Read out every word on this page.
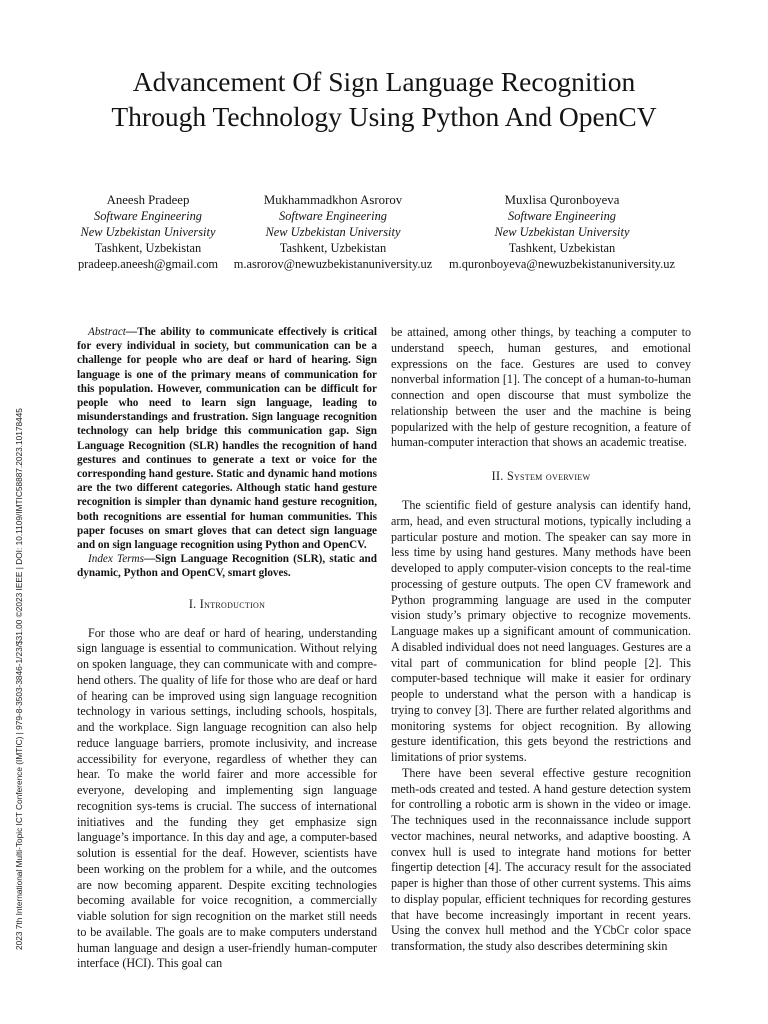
Advancement Of Sign Language Recognition
Through Technology Using Python And OpenCV
Aneesh Pradeep
Software Engineering
New Uzbekistan University
Tashkent, Uzbekistan
pradeep.aneesh@gmail.com
Mukhammadkhon Asrorov
Software Engineering
New Uzbekistan University
Tashkent, Uzbekistan
m.asrorov@newuzbekistanuniversity.uz
Muxlisa Quronboyeva
Software Engineering
New Uzbekistan University
Tashkent, Uzbekistan
m.quronboyeva@newuzbekistanuniversity.uz
2023 7th International Multi-Topic ICT Conference (IMTIC) | 979-8-3503-3846-1/23/$31.00 ©2023 IEEE | DOI: 10.1109/IMTIC58887.2023.10178445

Abstract—The ability to communicate effectively is critical for every individual in society, but communication can be a challenge for people who are deaf or hard of hearing. Sign language is one of the primary means of communication for this population. However, communication can be difficult for people who need to learn sign language, leading to misunderstandings and frustration. Sign language recognition technology can help bridge this communication gap. Sign Language Recognition (SLR) handles the recognition of hand gestures and continues to generate a text or voice for the corresponding hand gesture. Static and dynamic hand motions are the two different categories. Although static hand gesture recognition is simpler than dynamic hand gesture recognition, both recognitions are essential for human communities. This paper focuses on smart gloves that can detect sign language and on sign language recognition using Python and OpenCV.

Index Terms—Sign Language Recognition (SLR), static and dynamic, Python and OpenCV, smart gloves.

I. Introduction

For those who are deaf or hard of hearing, understanding sign language is essential to communication. Without relying on spoken language, they can communicate with and compre-hend others. The quality of life for those who are deaf or hard of hearing can be improved using sign language recognition technology in various settings, including schools, hospitals, and the workplace. Sign language recognition can also help reduce language barriers, promote inclusivity, and increase accessibility for everyone, regardless of whether they can hear. To make the world fairer and more accessible for everyone, developing and implementing sign language recognition sys-tems is crucial. The success of international initiatives and the funding they get emphasize sign language’s importance. In this day and age, a computer-based solution is essential for the deaf. However, scientists have been working on the problem for a while, and the outcomes are now becoming apparent. Despite exciting technologies becoming available for voice recognition, a commercially viable solution for sign recognition on the market still needs to be available. The goals are to make computers understand human language and design a user-friendly human-computer interface (HCI). This goal can

be attained, among other things, by teaching a computer to understand speech, human gestures, and emotional expressions on the face. Gestures are used to convey nonverbal information [1]. The concept of a human-to-human connection and open discourse that must symbolize the relationship between the user and the machine is being popularized with the help of gesture recognition, a feature of human-computer interaction that shows an academic treatise.

II. System overview

The scientific field of gesture analysis can identify hand, arm, head, and even structural motions, typically including a particular posture and motion. The speaker can say more in less time by using hand gestures. Many methods have been developed to apply computer-vision concepts to the real-time processing of gesture outputs. The open CV framework and Python programming language are used in the computer vision study’s primary objective to recognize movements. Language makes up a significant amount of communication. A disabled individual does not need languages. Gestures are a vital part of communication for blind people [2]. This computer-based technique will make it easier for ordinary people to understand what the person with a handicap is trying to convey [3]. There are further related algorithms and monitoring systems for object recognition. By allowing gesture identification, this gets beyond the restrictions and limitations of prior systems.

There have been several effective gesture recognition meth-ods created and tested. A hand gesture detection system for controlling a robotic arm is shown in the video or image. The techniques used in the reconnaissance include support vector machines, neural networks, and adaptive boosting. A convex hull is used to integrate hand motions for better fingertip detection [4]. The accuracy result for the associated paper is higher than those of other current systems. This aims to display popular, efficient techniques for recording gestures that have become increasingly important in recent years. Using the convex hull method and the YCbCr color space transformation, the study also describes determining skin
